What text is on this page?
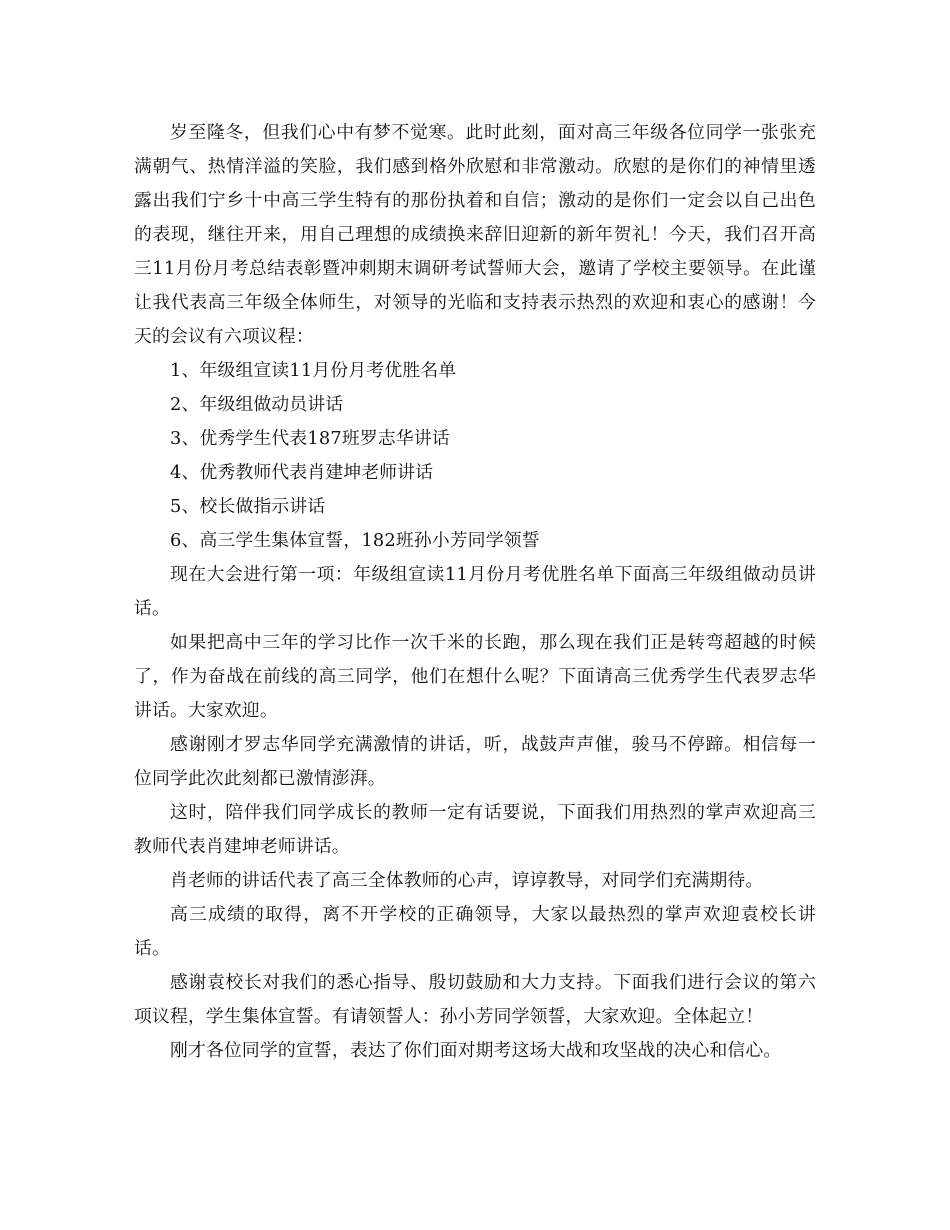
岁至隆冬，但我们心中有梦不觉寒。此时此刻，面对高三年级各位同学一张张充满朝气、热情洋溢的笑脸，我们感到格外欣慰和非常激动。欣慰的是你们的神情里透露出我们宁乡十中高三学生特有的那份执着和自信；激动的是你们一定会以自己出色的表现，继往开来，用自己理想的成绩换来辞旧迎新的新年贺礼！今天，我们召开高三11月份月考总结表彰暨冲刺期末调研考试誓师大会，邀请了学校主要领导。在此谨让我代表高三年级全体师生，对领导的光临和支持表示热烈的欢迎和衷心的感谢！今天的会议有六项议程：

1、年级组宣读11月份月考优胜名单

2、年级组做动员讲话

3、优秀学生代表187班罗志华讲话

4、优秀教师代表肖建坤老师讲话

5、校长做指示讲话

6、高三学生集体宣誓，182班孙小芳同学领誓

现在大会进行第一项：年级组宣读11月份月考优胜名单下面高三年级组做动员讲话。

如果把高中三年的学习比作一次千米的长跑，那么现在我们正是转弯超越的时候了，作为奋战在前线的高三同学，他们在想什么呢？下面请高三优秀学生代表罗志华讲话。大家欢迎。

感谢刚才罗志华同学充满激情的讲话，听，战鼓声声催，骏马不停蹄。相信每一位同学此次此刻都已激情澎湃。

这时，陪伴我们同学成长的教师一定有话要说，下面我们用热烈的掌声欢迎高三教师代表肖建坤老师讲话。

肖老师的讲话代表了高三全体教师的心声，谆谆教导，对同学们充满期待。

高三成绩的取得，离不开学校的正确领导，大家以最热烈的掌声欢迎袁校长讲话。

感谢袁校长对我们的悉心指导、殷切鼓励和大力支持。下面我们进行会议的第六项议程，学生集体宣誓。有请领誓人：孙小芳同学领誓，大家欢迎。全体起立！

刚才各位同学的宣誓，表达了你们面对期考这场大战和攻坚战的决心和信心。
